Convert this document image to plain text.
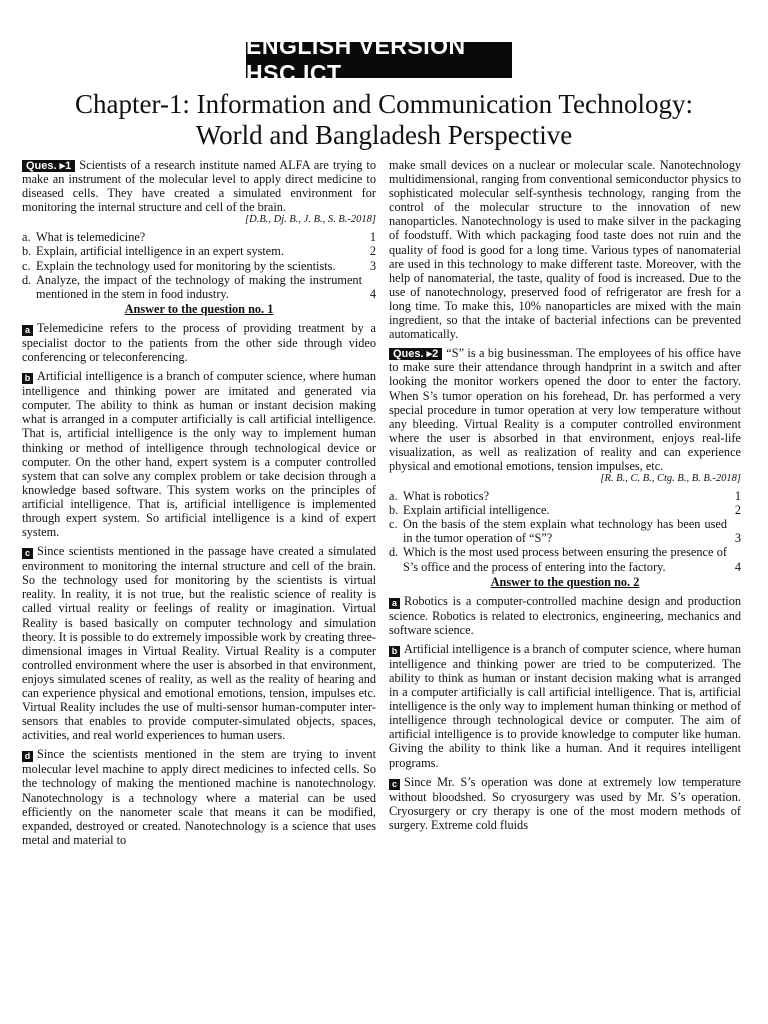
ENGLISH VERSION HSC ICT
Chapter-1: Information and Communication Technology:
World and Bangladesh Perspective

Ques. ▸1 Scientists of a research institute named ALFA are trying to make an instrument of the molecular level to apply direct medicine to diseased cells. They have created a simulated environment for monitoring the internal structure and cell of the brain.
[D.B., Dj. B., J. B., S. B.-2018]

a. What is telemedicine?	1
b. Explain, artificial intelligence in an expert system.	2
c. Explain the technology used for monitoring by the scientists.	3
d. Analyze, the impact of the technology of making the instrument mentioned in the stem in food industry.	4
Answer to the question no. 1

a Telemedicine refers to the process of providing treatment by a specialist doctor to the patients from the other side through video conferencing or teleconferencing.

b Artificial intelligence is a branch of computer science, where human intelligence and thinking power are imitated and generated via computer. The ability to think as human or instant decision making what is arranged in a computer artificially is call artificial intelligence. That is, artificial intelligence is the only way to implement human thinking or method of intelligence through technological device or computer. On the other hand, expert system is a computer controlled system that can solve any complex problem or take decision through a knowledge based software. This system works on the principles of artificial intelligence. That is, artificial intelligence is implemented through expert system. So artificial intelligence is a kind of expert system.

c Since scientists mentioned in the passage have created a simulated environment to monitoring the internal structure and cell of the brain. So the technology used for monitoring by the scientists is virtual reality. In reality, it is not true, but the realistic science of reality is called virtual reality or feelings of reality or imagination. Virtual Reality is based basically on computer technology and simulation theory. It is possible to do extremely impossible work by creating three-dimensional images in Virtual Reality. Virtual Reality is a computer controlled environment where the user is absorbed in that environment, enjoys simulated scenes of reality, as well as the reality of hearing and can experience physical and emotional emotions, tension, impulses etc. Virtual Reality includes the use of multi-sensor human-computer inter-sensors that enables to provide computer-simulated objects, spaces, activities, and real world experiences to human users.

d Since the scientists mentioned in the stem are trying to invent molecular level machine to apply direct medicines to infected cells. So the technology of making the mentioned machine is nanotechnology. Nanotechnology is a technology where a material can be used efficiently on the nanometer scale that means it can be modified, expanded, destroyed or created. Nanotechnology is a science that uses metal and material to

make small devices on a nuclear or molecular scale. Nanotechnology multidimensional, ranging from conventional semiconductor physics to sophisticated molecular self-synthesis technology, ranging from the control of the molecular structure to the innovation of new nanoparticles. Nanotechnology is used to make silver in the packaging of foodstuff. With which packaging food taste does not ruin and the quality of food is good for a long time. Various types of nanomaterial are used in this technology to make different taste. Moreover, with the help of nanomaterial, the taste, quality of food is increased. Due to the use of nanotechnology, preserved food of refrigerator are fresh for a long time. To make this, 10% nanoparticles are mixed with the main ingredient, so that the intake of bacterial infections can be prevented automatically.

Ques. ▸2 “S” is a big businessman. The employees of his office have to make sure their attendance through handprint in a switch and after looking the monitor workers opened the door to enter the factory. When S’s tumor operation on his forehead, Dr. has performed a very special procedure in tumor operation at very low temperature without any bleeding. Virtual Reality is a computer controlled environment where the user is absorbed in that environment, enjoys real-life visualization, as well as realization of reality and can experience physical and emotional emotions, tension impulses, etc.
[R. B., C. B., Ctg. B., B. B.-2018]

a. What is robotics?	1
b. Explain artificial intelligence.	2
c. On the basis of the stem explain what technology has been used in the tumor operation of “S”?	3
d. Which is the most used process between ensuring the presence of S’s office and the process of entering into the factory.	4
Answer to the question no. 2

a Robotics is a computer-controlled machine design and production science. Robotics is related to electronics, engineering, mechanics and software science.

b Artificial intelligence is a branch of computer science, where human intelligence and thinking power are tried to be computerized. The ability to think as human or instant decision making what is arranged in a computer artificially is call artificial intelligence. That is, artificial intelligence is the only way to implement human thinking or method of intelligence through technological device or computer. The aim of artificial intelligence is to provide knowledge to computer like human. Giving the ability to think like a human. And it requires intelligent programs.

c Since Mr. S’s operation was done at extremely low temperature without bloodshed. So cryosurgery was used by Mr. S’s operation. Cryosurgery or cry therapy is one of the most modern methods of surgery. Extreme cold fluids
